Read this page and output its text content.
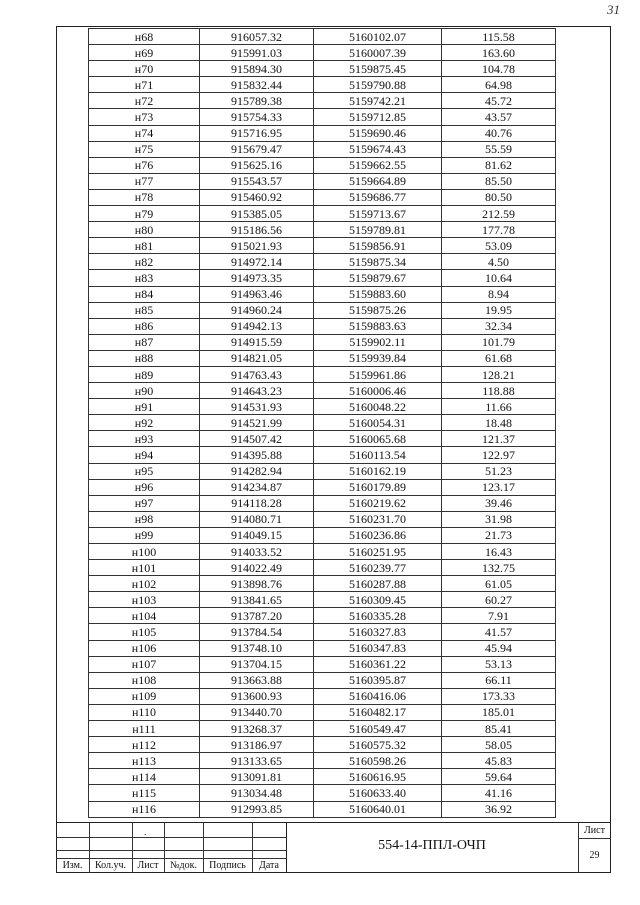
31
н68	916057.32	5160102.07	115.58
н69	915991.03	5160007.39	163.60
н70	915894.30	5159875.45	104.78
н71	915832.44	5159790.88	64.98
н72	915789.38	5159742.21	45.72
н73	915754.33	5159712.85	43.57
н74	915716.95	5159690.46	40.76
н75	915679.47	5159674.43	55.59
н76	915625.16	5159662.55	81.62
н77	915543.57	5159664.89	85.50
н78	915460.92	5159686.77	80.50
н79	915385.05	5159713.67	212.59
н80	915186.56	5159789.81	177.78
н81	915021.93	5159856.91	53.09
н82	914972.14	5159875.34	4.50
н83	914973.35	5159879.67	10.64
н84	914963.46	5159883.60	8.94
н85	914960.24	5159875.26	19.95
н86	914942.13	5159883.63	32.34
н87	914915.59	5159902.11	101.79
н88	914821.05	5159939.84	61.68
н89	914763.43	5159961.86	128.21
н90	914643.23	5160006.46	118.88
н91	914531.93	5160048.22	11.66
н92	914521.99	5160054.31	18.48
н93	914507.42	5160065.68	121.37
н94	914395.88	5160113.54	122.97
н95	914282.94	5160162.19	51.23
н96	914234.87	5160179.89	123.17
н97	914118.28	5160219.62	39.46
н98	914080.71	5160231.70	31.98
н99	914049.15	5160236.86	21.73
н100	914033.52	5160251.95	16.43
н101	914022.49	5160239.77	132.75
н102	913898.76	5160287.88	61.05
н103	913841.65	5160309.45	60.27
н104	913787.20	5160335.28	7.91
н105	913784.54	5160327.83	41.57
н106	913748.10	5160347.83	45.94
н107	913704.15	5160361.22	53.13
н108	913663.88	5160395.87	66.11
н109	913600.93	5160416.06	173.33
н110	913440.70	5160482.17	185.01
н111	913268.37	5160549.47	85.41
н112	913186.97	5160575.32	58.05
н113	913133.65	5160598.26	45.83
н114	913091.81	5160616.95	59.64
н115	913034.48	5160633.40	41.16
н116	912993.85	5160640.01	36.92
.
Изм.	Кол.уч.	Лист	№док.	Подпись	Дата
554-14-ППЛ-ОЧП
Лист
29
